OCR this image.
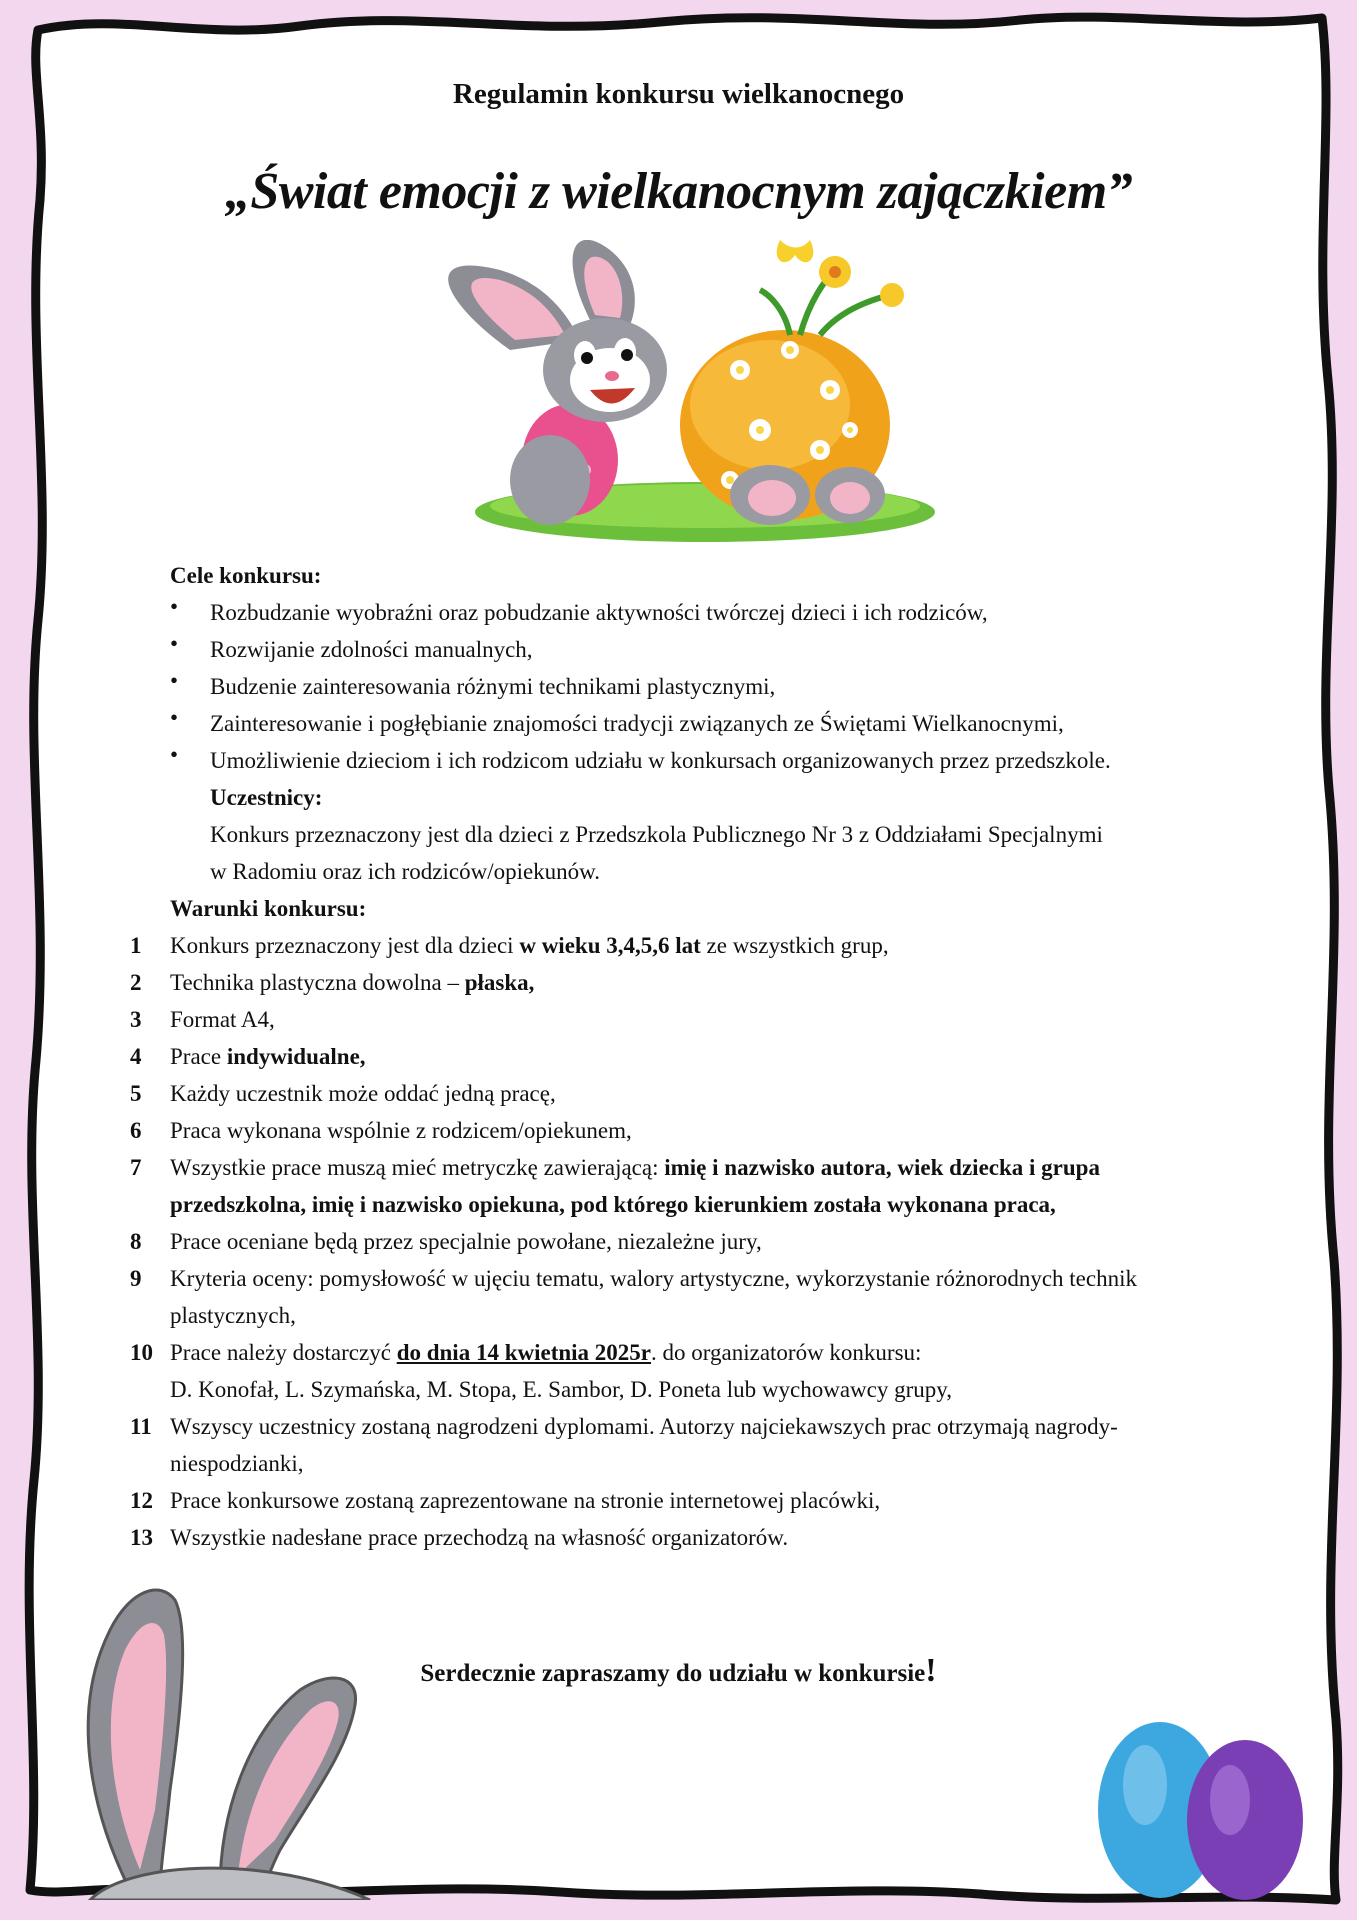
Regulamin konkursu wielkanocnego
„Świat emocji z wielkanocnym zajączkiem”
Cele konkursu:
• Rozbudzanie wyobraźni oraz pobudzanie aktywności twórczej dzieci i ich rodziców,
• Rozwijanie zdolności manualnych,
• Budzenie zainteresowania różnymi technikami plastycznymi,
• Zainteresowanie i pogłębianie znajomości tradycji związanych ze Świętami Wielkanocnymi,
• Umożliwienie dzieciom i ich rodzicom udziału w konkursach organizowanych przez przedszkole.
Uczestnicy:
Konkurs przeznaczony jest dla dzieci z Przedszkola Publicznego Nr 3 z Oddziałami Specjalnymi
w Radomiu oraz ich rodziców/opiekunów.
Warunki konkursu:
1	Konkurs przeznaczony jest dla dzieci w wieku 3,4,5,6 lat ze wszystkich grup,
2	Technika plastyczna dowolna – płaska,
3	Format A4,
4	Prace indywidualne,
5	Każdy uczestnik może oddać jedną pracę,
6	Praca wykonana wspólnie z rodzicem/opiekunem,
7	Wszystkie prace muszą mieć metryczkę zawierającą: imię i nazwisko autora, wiek dziecka i grupa
przedszkolna, imię i nazwisko opiekuna, pod którego kierunkiem została wykonana praca,
8	Prace oceniane będą przez specjalnie powołane, niezależne jury,
9	Kryteria oceny: pomysłowość w ujęciu tematu, walory artystyczne, wykorzystanie różnorodnych technik
plastycznych,
10 Prace należy dostarczyć do dnia 14 kwietnia 2025r. do organizatorów konkursu:
D. Konofał, L. Szymańska, M. Stopa, E. Sambor, D. Poneta lub wychowawcy grupy,
11 Wszyscy uczestnicy zostaną nagrodzeni dyplomami. Autorzy najciekawszych prac otrzymają nagrody-
niespodzianki,
12 Prace konkursowe zostaną zaprezentowane na stronie internetowej placówki,
13 Wszystkie nadesłane prace przechodzą na własność organizatorów.
Serdecznie zapraszamy do udziału w konkursie!
